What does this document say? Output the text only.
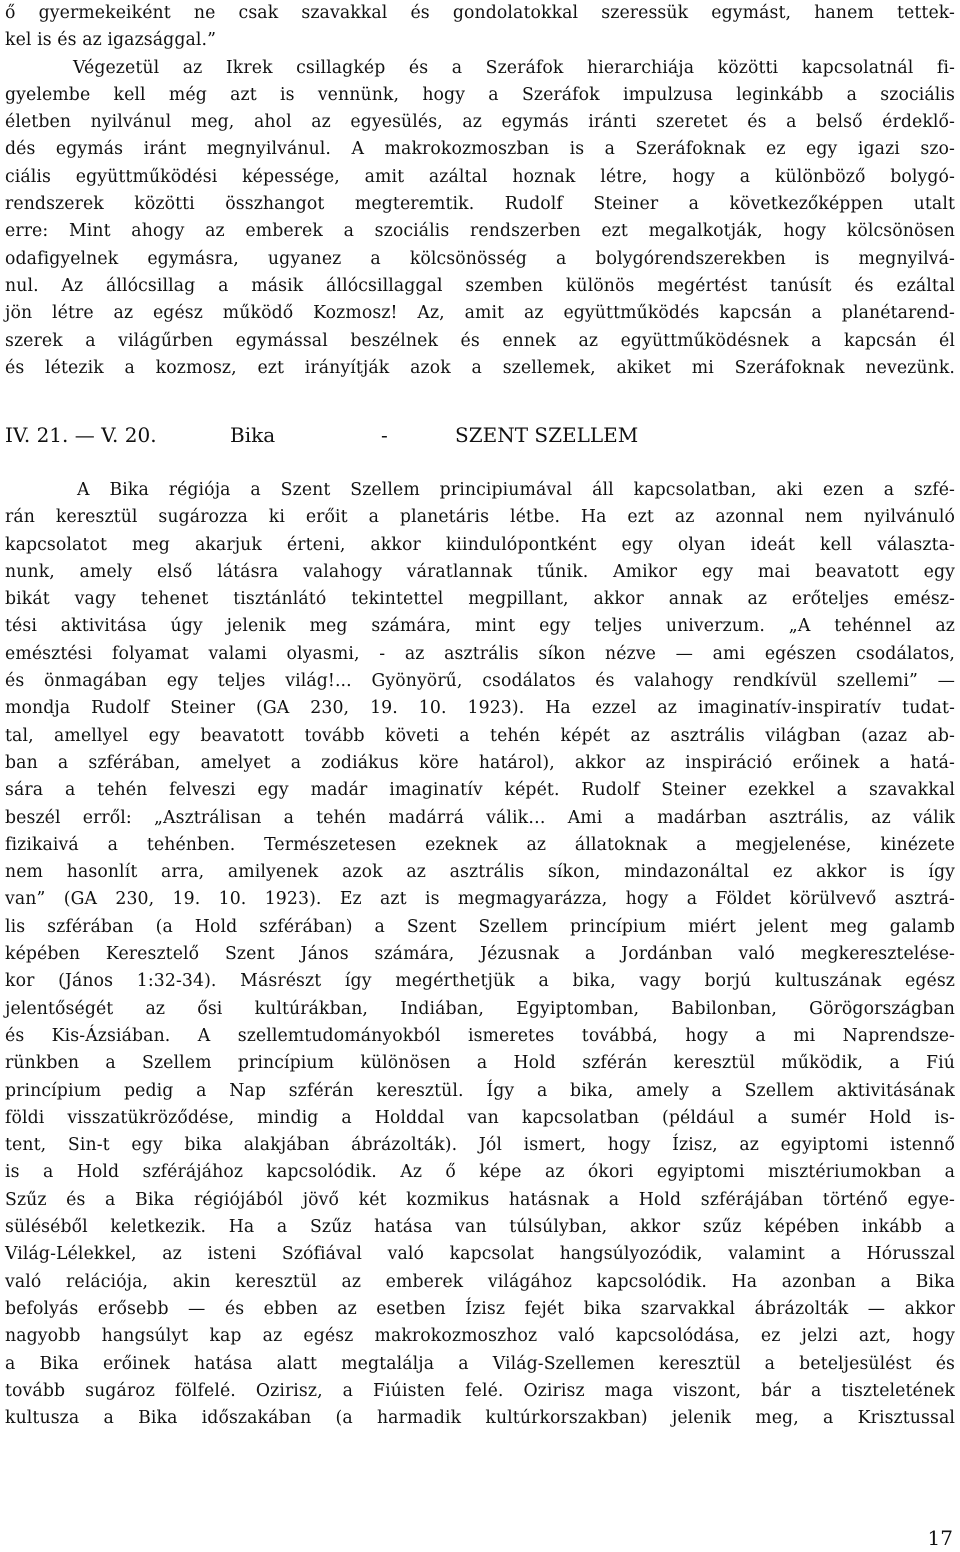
ő gyermekeiként ne csak szavakkal és gondolatokkal szeressük egymást, hanem tettek-
kel is és az igazsággal.”
Végezetül az Ikrek csillagkép és a Szeráfok hierarchiája közötti kapcsolatnál fi-
gyelembe kell még azt is vennünk, hogy a Szeráfok impulzusa leginkább a szociális
életben nyilvánul meg, ahol az egyesülés, az egymás iránti szeretet és a belső érdeklő-
dés egymás iránt megnyilvánul. A makrokozmoszban is a Szeráfoknak ez egy igazi szo-
ciális együttműködési képessége, amit azáltal hoznak létre, hogy a különböző bolygó-
rendszerek közötti összhangot megteremtik. Rudolf Steiner a következőképpen utalt
erre: Mint ahogy az emberek a szociális rendszerben ezt megalkotják, hogy kölcsönösen
odafigyelnek egymásra, ugyanez a kölcsönösség a bolygórendszerekben is megnyilvá-
nul. Az állócsillag a másik állócsillaggal szemben különös megértést tanúsít és ezáltal
jön létre az egész működő Kozmosz! Az, amit az együttműködés kapcsán a planétarend-
szerek a világűrben egymással beszélnek és ennek az együttműködésnek a kapcsán él
és létezik a kozmosz, ezt irányítják azok a szellemek, akiket mi Szeráfoknak nevezünk.
IV. 21. — V. 20.	Bika	-	SZENT SZELLEM
A Bika régiója a Szent Szellem principiumával áll kapcsolatban, aki ezen a szfé-
rán keresztül sugározza ki erőit a planetáris létbe. Ha ezt az azonnal nem nyilvánuló
kapcsolatot meg akarjuk érteni, akkor kiindulópontként egy olyan ideát kell választa-
nunk, amely első látásra valahogy váratlannak tűnik. Amikor egy mai beavatott egy
bikát vagy tehenet tisztánlátó tekintettel megpillant, akkor annak az erőteljes emész-
tési aktivitása úgy jelenik meg számára, mint egy teljes univerzum. „A tehénnel az
emésztési folyamat valami olyasmi, - az asztrális síkon nézve — ami egészen csodálatos,
és önmagában egy teljes világ!... Gyönyörű, csodálatos és valahogy rendkívül szellemi” —
mondja Rudolf Steiner (GA 230, 19. 10. 1923). Ha ezzel az imaginatív-inspiratív tudat-
tal, amellyel egy beavatott tovább követi a tehén képét az asztrális világban (azaz ab-
ban a szférában, amelyet a zodiákus köre határol), akkor az inspiráció erőinek a hatá-
sára a tehén felveszi egy madár imaginatív képét. Rudolf Steiner ezekkel a szavakkal
beszél erről: „Asztrálisan a tehén madárrá válik… Ami a madárban asztrális, az válik
fizikaivá a tehénben. Természetesen ezeknek az állatoknak a megjelenése, kinézete
nem hasonlít arra, amilyenek azok az asztrális síkon, mindazonáltal ez akkor is így
van” (GA 230, 19. 10. 1923). Ez azt is megmagyarázza, hogy a Földet körülvevő asztrá-
lis szférában (a Hold szférában) a Szent Szellem princípium miért jelent meg galamb
képében Keresztelő Szent János számára, Jézusnak a Jordánban való megkeresztelése-
kor (János 1:32-34). Másrészt így megérthetjük a bika, vagy borjú kultuszának egész
jelentőségét az ősi kultúrákban, Indiában, Egyiptomban, Babilonban, Görögországban
és Kis-Ázsiában. A szellemtudományokból ismeretes továbbá, hogy a mi Naprendsze-
rünkben a Szellem princípium különösen a Hold szférán keresztül működik, a Fiú
princípium pedig a Nap szférán keresztül. Így a bika, amely a Szellem aktivitásának
földi visszatükröződése, mindig a Holddal van kapcsolatban (például a sumér Hold is-
tent, Sin-t egy bika alakjában ábrázolták). Jól ismert, hogy Ízisz, az egyiptomi istennő
is a Hold szférájához kapcsolódik. Az ő képe az ókori egyiptomi misztériumokban a
Szűz és a Bika régiójából jövő két kozmikus hatásnak a Hold szférájában történő egye-
süléséből keletkezik. Ha a Szűz hatása van túlsúlyban, akkor szűz képében inkább a
Világ-Lélekkel, az isteni Szófiával való kapcsolat hangsúlyozódik, valamint a Hórusszal
való relációja, akin keresztül az emberek világához kapcsolódik. Ha azonban a Bika
befolyás erősebb — és ebben az esetben Ízisz fejét bika szarvakkal ábrázolták — akkor
nagyobb hangsúlyt kap az egész makrokozmoszhoz való kapcsolódása, ez jelzi azt, hogy
a Bika erőinek hatása alatt megtalálja a Világ-Szellemen keresztül a beteljesülést és
tovább sugároz fölfelé. Ozirisz, a Fiúisten felé. Ozirisz maga viszont, bár a tiszteletének
kultusza a Bika időszakában (a harmadik kultúrkorszakban) jelenik meg, a Krisztussal
17
